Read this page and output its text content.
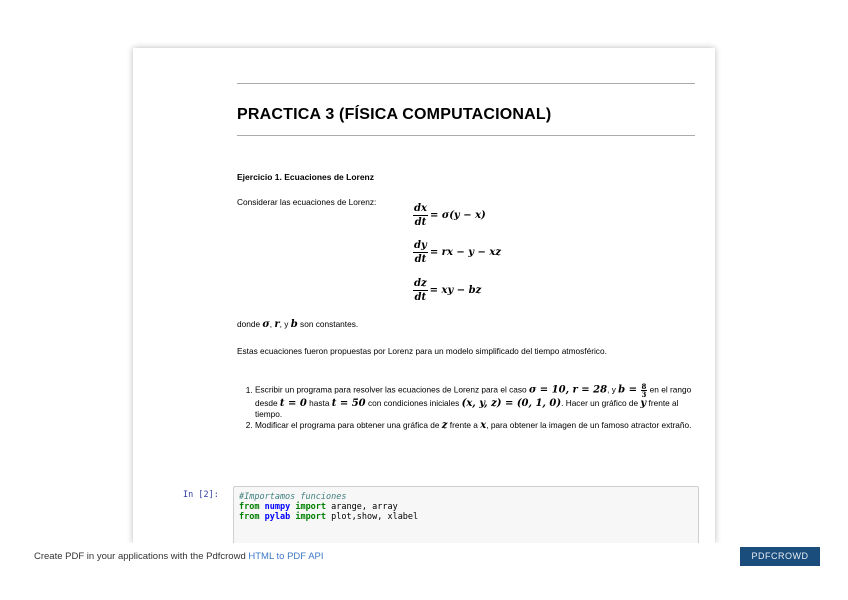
PRACTICA 3 (FÍSICA COMPUTACIONAL)
Ejercicio 1. Ecuaciones de Lorenz
Considerar las ecuaciones de Lorenz:
$\frac{dx}{dt} = \sigma(y - x)$
$\frac{dy}{dt}$ = rx − y − xz
$\frac{dz}{dt}$ = xy − bz
donde σ, r, y b son constantes.
Estas ecuaciones fueron propuestas por Lorenz para un modelo simplificado del tiempo atmosférico.
1. Escribir un programa para resolver las ecuaciones de Lorenz para el caso σ = 10, r = 28, y $b = \frac{8}{3}$ en el rango desde t = 0 hasta t = 50 con condiciones iniciales (x, y, z) = (0, 1, 0). Hacer un gráfico de y frente al tiempo.
2. Modificar el programa para obtener una gráfica de z frente a x, para obtener la imagen de un famoso atractor extraño.
In [2]: #Importamos funciones
from numpy import arange, array
from pylab import plot,show, xlabel
Create PDF in your applications with the Pdfcrowd HTML to PDF API	PDFCROWD
